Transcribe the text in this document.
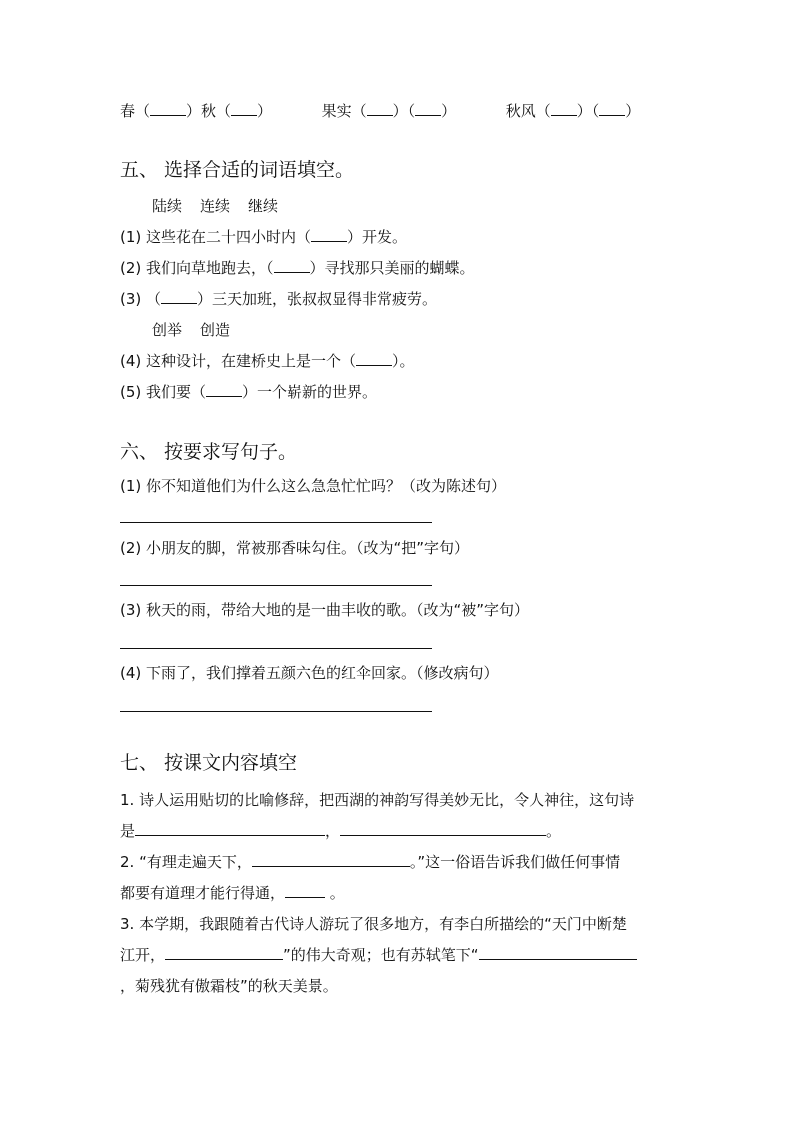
春（ ）秋（ ）	果实（ ）（ ）	秋风（ ）（ ）
五、 选择合适的词语填空。
陆续 连续 继续
(1) 这些花在二十四小时内（ ）开发。
(2) 我们向草地跑去，（ ）寻找那只美丽的蝴蝶。
(3) （ ）三天加班，张叔叔显得非常疲劳。
创举 创造
(4) 这种设计，在建桥史上是一个（ ）。
(5) 我们要（ ）一个崭新的世界。
六、 按要求写句子。
(1) 你不知道他们为什么这么急急忙忙吗？（改为陈述句）
(2) 小朋友的脚，常被那香味勾住。（改为“把”字句）
(3) 秋天的雨，带给大地的是一曲丰收的歌。（改为“被”字句）
(4) 下雨了，我们撑着五颜六色的红伞回家。（修改病句）
七、 按课文内容填空
1. 诗人运用贴切的比喻修辞，把西湖的神韵写得美妙无比，令人神往，这句诗
是	，	。
2. “有理走遍天下，	。”这一俗语告诉我们做任何事情
都要有道理才能行得通，	。
3. 本学期，我跟随着古代诗人游玩了很多地方，有李白所描绘的“天门中断楚
江开，	”的伟大奇观；也有苏轼笔下“
，菊残犹有傲霜枝”的秋天美景。
